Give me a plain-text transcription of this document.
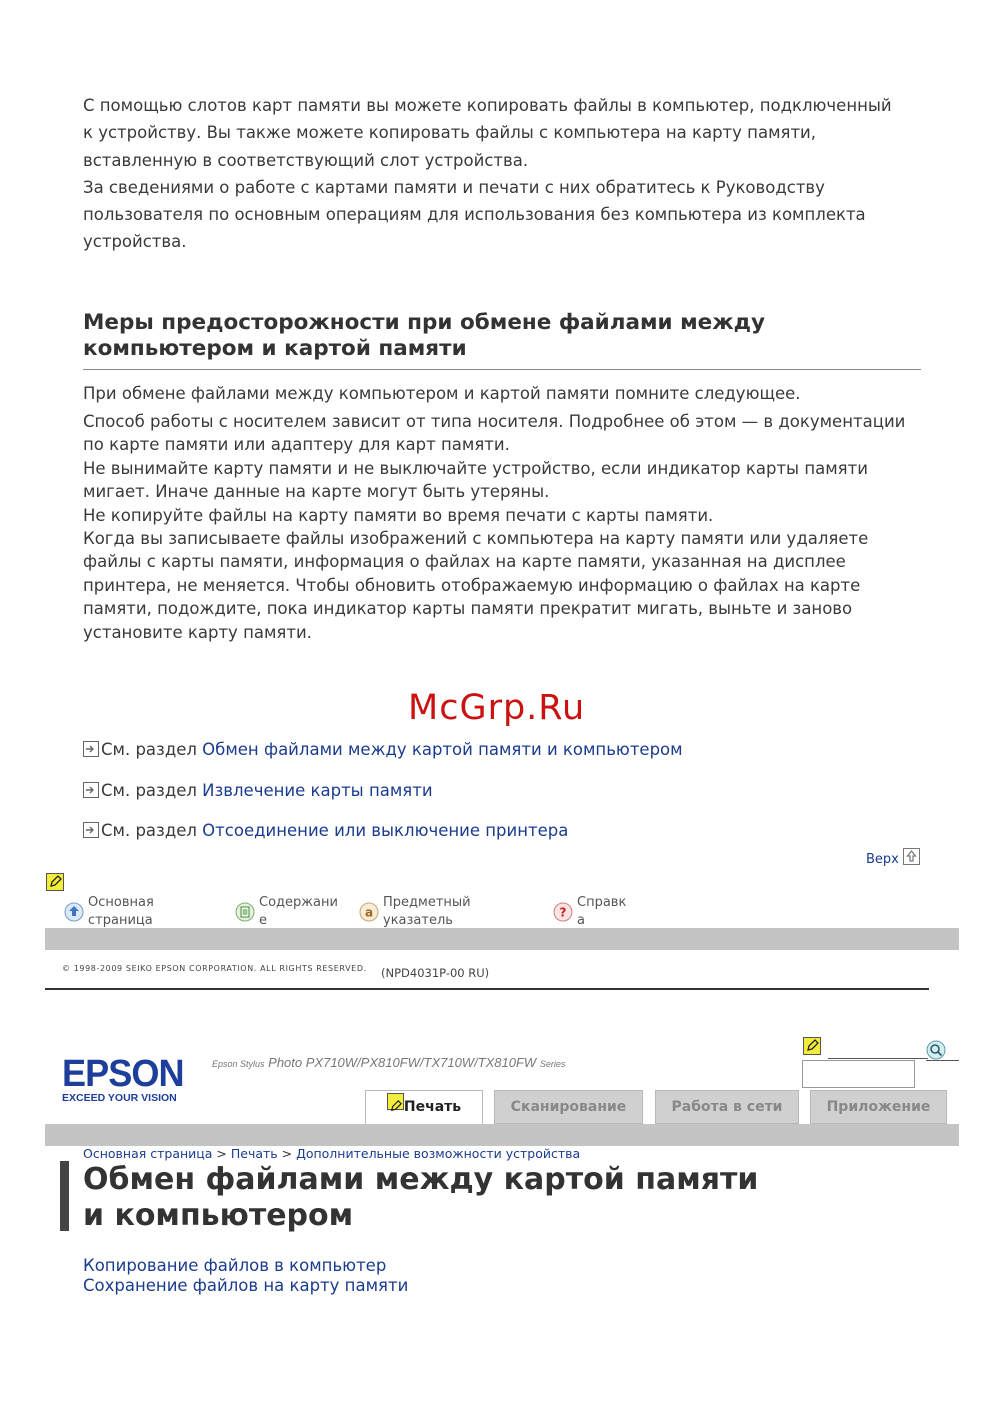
С помощью слотов карт памяти вы можете копировать файлы в компьютер, подключенный

к устройству. Вы также можете копировать файлы с компьютера на карту памяти,

вставленную в соответствующий слот устройства.

За сведениями о работе с картами памяти и печати с них обратитесь к Руководству

пользователя по основным операциям для использования без компьютера из комплекта

устройства.

Меры предосторожности при обмене файлами между
компьютером и картой памяти
При обмене файлами между компьютером и картой памяти помните следующее.

Способ работы с носителем зависит от типа носителя. Подробнее об этом — в документации

по карте памяти или адаптеру для карт памяти.

Не вынимайте карту памяти и не выключайте устройство, если индикатор карты памяти

мигает. Иначе данные на карте могут быть утеряны.

Не копируйте файлы на карту памяти во время печати с карты памяти.

Когда вы записываете файлы изображений с компьютера на карту памяти или удаляете

файлы с карты памяти, информация о файлах на карте памяти, указанная на дисплее

принтера, не меняется. Чтобы обновить отображаемую информацию о файлах на карте

памяти, подождите, пока индикатор карты памяти прекратит мигать, выньте и заново

установите карту памяти.

McGrp.Ru
См. раздел Обмен файлами между картой памяти и компьютером
См. раздел Извлечение карты памяти
См. раздел Отсоединение или выключение принтера
Верх
Основная
страница
Содержани
е
a
Предметный
указатель
?
Справк
а
© 1998-2009 SEIKO EPSON CORPORATION. ALL RIGHTS RESERVED. (NPD4031P-00 RU)
EPSON
EXCEED YOUR VISION
Epson Stylus Photo PX710W/PX810FW/TX710W/TX810FW Series
Печать	Сканирование	Работа в сети	Приложение
Основная страница > Печать > Дополнительные возможности устройства
Обмен файлами между картой памяти
и компьютером
Копирование файлов в компьютер
Сохранение файлов на карту памяти
